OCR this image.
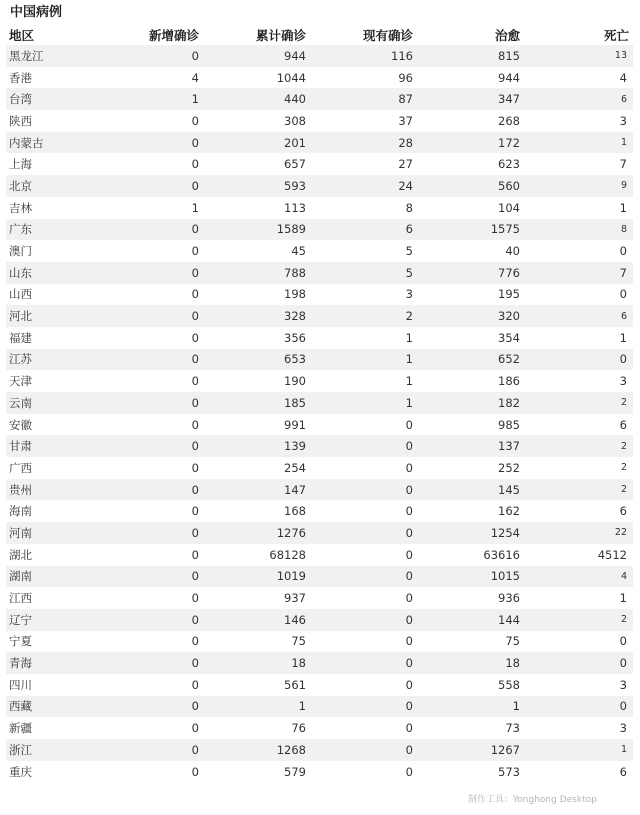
中国病例
地区	新增确诊	累计确诊	现有确诊	治愈	死亡
黑龙江	0	944	116	815	13
香港	4	1044	96	944	4
台湾	1	440	87	347	6
陕西	0	308	37	268	3
内蒙古	0	201	28	172	1
上海	0	657	27	623	7
北京	0	593	24	560	9
吉林	1	113	8	104	1
广东	0	1589	6	1575	8
澳门	0	45	5	40	0
山东	0	788	5	776	7
山西	0	198	3	195	0
河北	0	328	2	320	6
福建	0	356	1	354	1
江苏	0	653	1	652	0
天津	0	190	1	186	3
云南	0	185	1	182	2
安徽	0	991	0	985	6
甘肃	0	139	0	137	2
广西	0	254	0	252	2
贵州	0	147	0	145	2
海南	0	168	0	162	6
河南	0	1276	0	1254	22
湖北	0	68128	0	63616	4512
湖南	0	1019	0	1015	4
江西	0	937	0	936	1
辽宁	0	146	0	144	2
宁夏	0	75	0	75	0
青海	0	18	0	18	0
四川	0	561	0	558	3
西藏	0	1	0	1	0
新疆	0	76	0	73	3
浙江	0	1268	0	1267	1
重庆	0	579	0	573	6
制作工具：Yonghong Desktop
